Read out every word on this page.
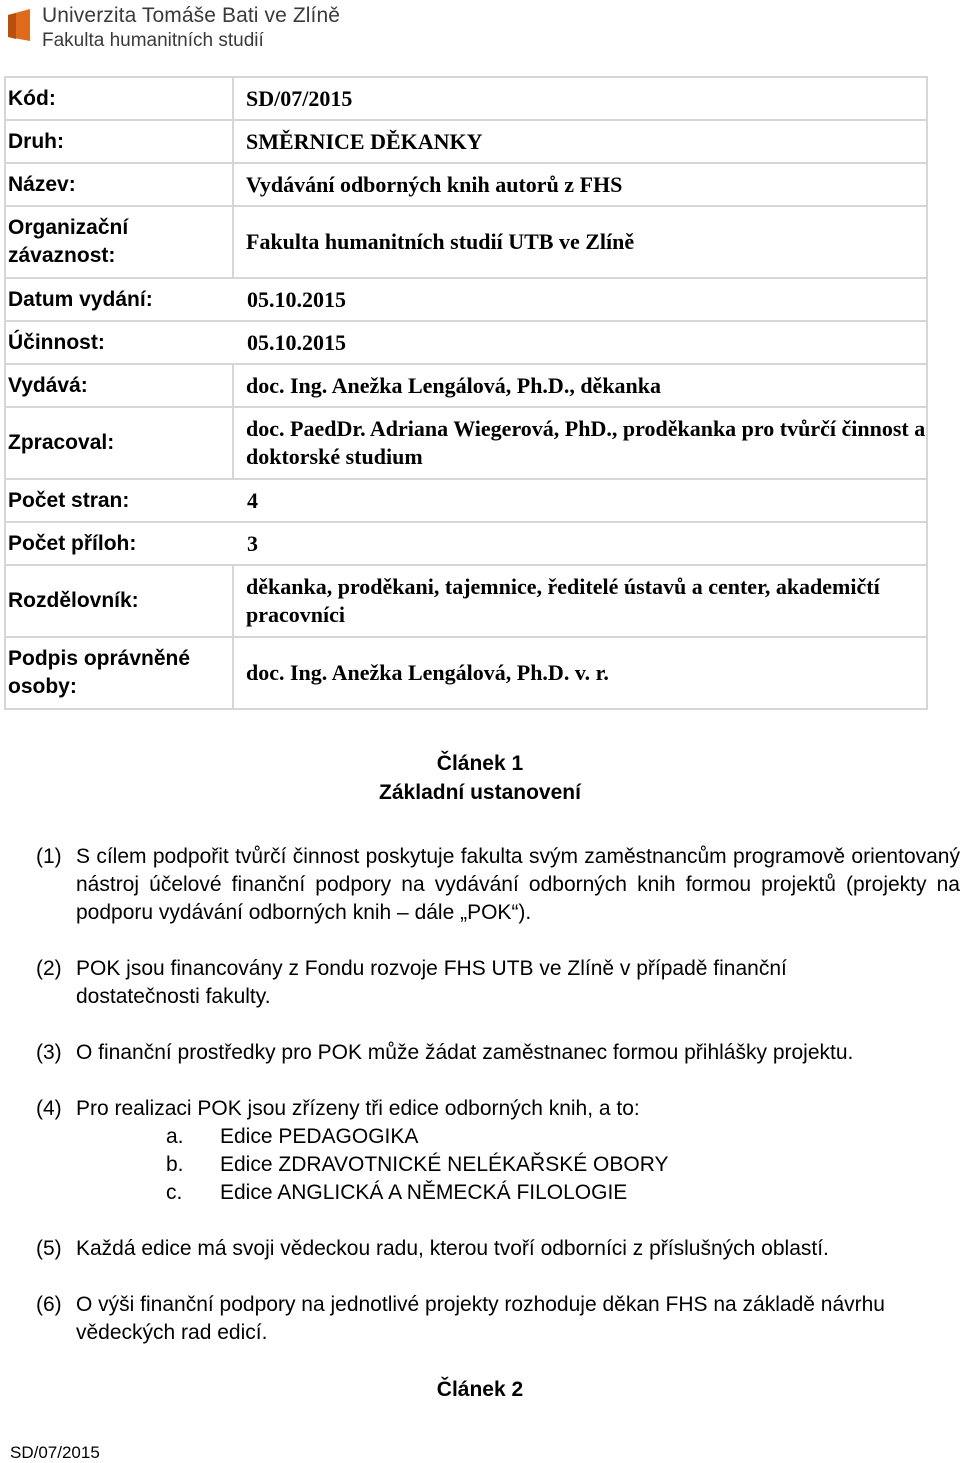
Univerzita Tomáše Bati ve Zlíně
Fakulta humanitních studií
Kód:	SD/07/2015
Druh:	SMĚRNICE DĚKANKY
Název:	Vydávání odborných knih autorů z FHS
Organizační závaznost:	Fakulta humanitních studií UTB ve Zlíně
Datum vydání:	05.10.2015
Účinnost:	05.10.2015
Vydává:	doc. Ing. Anežka Lengálová, Ph.D., děkanka
Zpracoval:	doc. PaedDr. Adriana Wiegerová, PhD., proděkanka pro tvůrčí činnost a doktorské studium
Počet stran:	4
Počet příloh:	3
Rozdělovník:	děkanka, proděkani, tajemnice, ředitelé ústavů a center, akademičtí pracovníci
Podpis oprávněné osoby:	doc. Ing. Anežka Lengálová, Ph.D. v. r.
Článek 1
Základní ustanovení
(1) S cílem podpořit tvůrčí činnost poskytuje fakulta svým zaměstnancům programově orientovaný nástroj účelové finanční podpory na vydávání odborných knih formou projektů (projekty na podporu vydávání odborných knih – dále „POK“).
(2) POK jsou financovány z Fondu rozvoje FHS UTB ve Zlíně v případě finanční dostatečnosti fakulty.
(3) O finanční prostředky pro POK může žádat zaměstnanec formou přihlášky projektu.
(4) Pro realizaci POK jsou zřízeny tři edice odborných knih, a to:
a. Edice PEDAGOGIKA
b. Edice ZDRAVOTNICKÉ NELÉKAŘSKÉ OBORY
c. Edice ANGLICKÁ A NĚMECKÁ FILOLOGIE
(5) Každá edice má svoji vědeckou radu, kterou tvoří odborníci z příslušných oblastí.
(6) O výši finanční podpory na jednotlivé projekty rozhoduje děkan FHS na základě návrhu vědeckých rad edicí.
Článek 2
SD/07/2015
